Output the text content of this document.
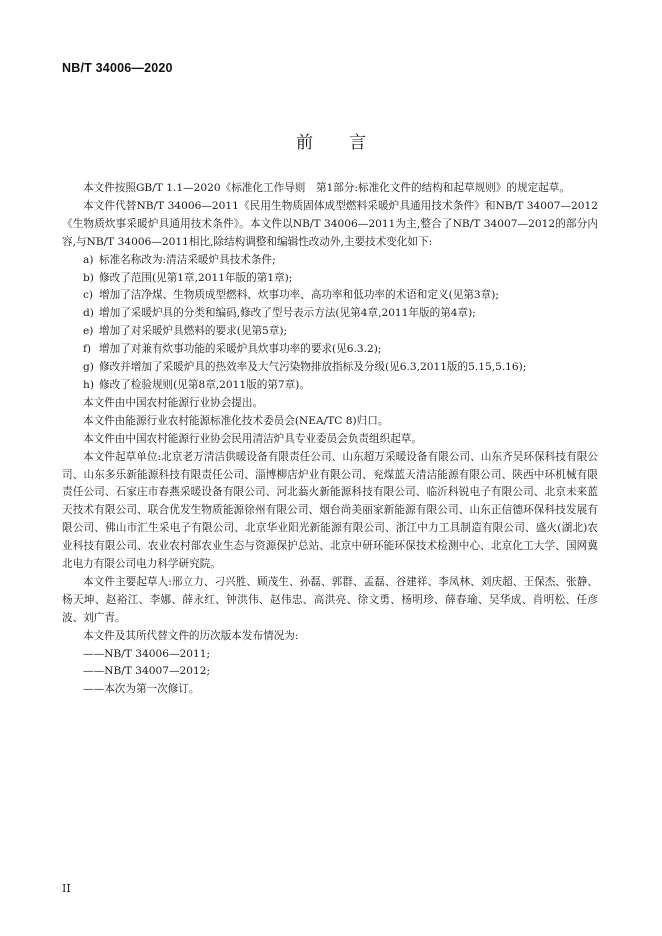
NB/T 34006—2020
前 言

本文件按照GB/T 1.1—2020《标准化工作导则　第1部分:标准化文件的结构和起草规则》的规定起草。

本文件代替NB/T 34006—2011《民用生物质固体成型燃料采暖炉具通用技术条件》和NB/T 34007—2012《生物质炊事采暖炉具通用技术条件》。本文件以NB/T 34006—2011为主,整合了NB/T 34007—2012的部分内容,与NB/T 34006—2011相比,除结构调整和编辑性改动外,主要技术变化如下:

a) 标准名称改为:清洁采暖炉具技术条件;

b) 修改了范围(见第1章,2011年版的第1章);

c) 增加了洁净煤、生物质成型燃料、炊事功率、高功率和低功率的术语和定义(见第3章);

d) 增加了采暖炉具的分类和编码,修改了型号表示方法(见第4章,2011年版的第4章);

e) 增加了对采暖炉具燃料的要求(见第5章);

f) 增加了对兼有炊事功能的采暖炉具炊事功率的要求(见6.3.2);

g) 修改并增加了采暖炉具的热效率及大气污染物排放指标及分级(见6.3,2011版的5.15,5.16);

h) 修改了检验规则(见第8章,2011版的第7章)。

本文件由中国农村能源行业协会提出。

本文件由能源行业农村能源标准化技术委员会(NEA/TC 8)归口。

本文件由中国农村能源行业协会民用清洁炉具专业委员会负责组织起草。

本文件起草单位:北京老万清洁供暖设备有限责任公司、山东超万采暖设备有限公司、山东齐吴环保科技有限公司、山东多乐新能源科技有限责任公司、淄博柳店炉业有限公司、兖煤蓝天清洁能源有限公司、陕西中环机械有限责任公司、石家庄市春燕采暖设备有限公司、河北蓊火新能源科技有限公司、临沂科锐电子有限公司、北京未来蓝天技术有限公司、联合优发生物质能源徐州有限公司、烟台尚美丽家新能源有限公司、山东正信德环保科技发展有限公司、佛山市汇生采电子有限公司、北京华业阳光新能源有限公司、浙江中力工具制造有限公司、盛火(湖北)农业科技有限公司、农业农村部农业生态与资源保护总站、北京中研环能环保技术检测中心、北京化工大学、国网冀北电力有限公司电力科学研究院。

本文件主要起草人:邢立力、刁兴胜、顾茂生、孙磊、郭群、孟磊、谷建祥、李凤林、刘庆超、王保杰、张静、杨天坤、赵裕江、李娜、薛永红、钟洪伟、赵伟忠、高洪亮、徐文勇、杨明珍、薛春瑜、吴华成、肖明松、任彦波、刘广青。

本文件及其所代替文件的历次版本发布情况为:

——NB/T 34006—2011;

——NB/T 34007—2012;

——本次为第一次修订。

II
